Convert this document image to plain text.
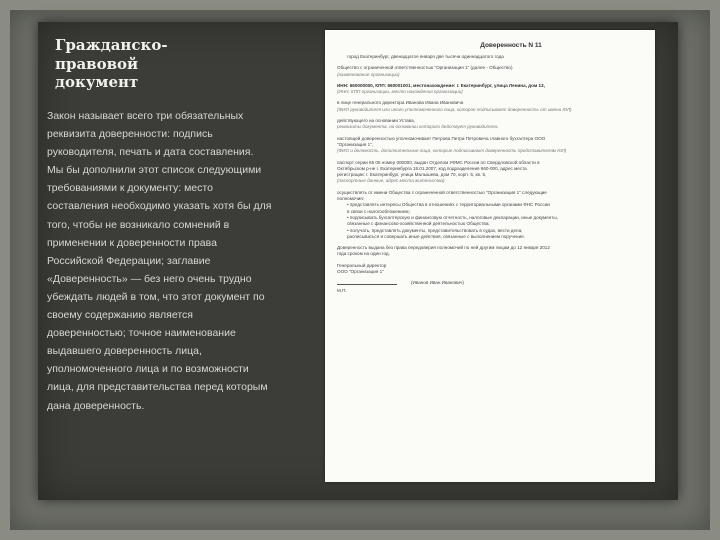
Гражданско-правовой документ
Закон называет всего три обязательных реквизита доверенности: подпись руководителя, печать и дата составления. Мы бы дополнили этот список следующими требованиями к документу: место составления необходимо указать хотя бы для того, чтобы не возникало сомнений в применении к доверенности права Российской Федерации; заглавие «Доверенность» — без него очень трудно убеждать людей в том, что этот документ по своему содержанию является доверенностью; точное наименование выдавшего доверенность лица, уполномоченного лица и по возможности лица, для представительства перед которым дана доверенность.
Доверенность N 11
город Екатеринбург, двенадцатое января две тысячи одиннадцатого года
Общество с ограниченной ответственностью "Организация 1" (далее - Общество)
(наименование организации)
ИНН: 660000000, КПП: 660001001, местонахождение: г. Екатеринбург, улица Ленина, дом 13,
(ИНН, КПП организации, место нахождения организации)
в лице генерального директора Иванова Ивана Ивановича
(ФИО руководителя или иного уполномоченного лица, которое подписывает доверенность от имени ЮЛ)
действующего на основании Устава,
реквизиты документа, на основании которого действует руководитель
настоящей доверенностью уполномочивает Петрова Петра Петровича главного бухгалтера ООО
"Организация 1",
(ФИО и должность, дополнительные лица, которые подписывают доверенность представителям ЮЛ)
паспорт серии 65 05 номер 000000, выдан Отделом УФМС России по Свердловской области в
Октябрьском р-не г. Екатеринбурга 15.01.2007, код подразделения 660-000, адрес места
регистрации: г. Екатеринбург, улица Малышева, дом 70, корп. 5, кв. 5,
(паспортные данные, адрес места жительства)
осуществлять от имени Общества с ограниченной ответственностью "Организация 1" следующие
полномочия:
• представлять интересы Общества в отношениях с территориальными органами ФНС России
в связи с налогообложением;
• подписывать бухгалтерскую и финансовую отчетность, налоговые декларации, иные документы,
связанные с финансово-хозяйственной деятельностью Общества;
• получать, представлять документы, представительствовать в судах, вести дела;
расписываться и совершать иные действия, связанные с выполнением поручения.
Доверенность выдана без права передоверия полномочий по ней другим лицам до 12 января 2012
года сроком на один год.
Генеральный директор
ООО "Организация 1"
(Иванов Иван Иванович)
М.П.
